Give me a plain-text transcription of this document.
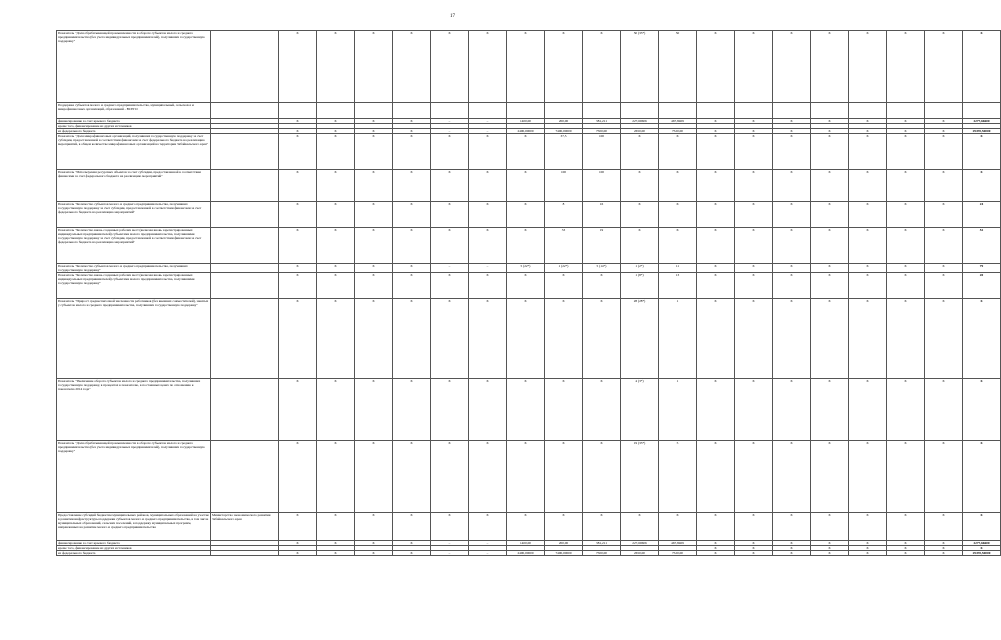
17
Показатель "Доля обрабатывающей промышленности в обороте субъектов малого и среднего предпринимательства (без учета индивидуальных предпринимателей), получивших государственную поддержку"		X	X	X	X	X	X	X	X	X	50 (33*)	50	X	X	X	X	X	X	X	X
Поддержка субъектов малого и среднего предпринимательства, муниципальный, сельскохоз и микрофинансовых организаций, образований - ВСЕГО																				
финансирование за счет краевого бюджета		X	X	X	X	–	–	1400,00	200,00	381,211	227,60606	467,8409	X	X	X	X	X	X	X	2277,66600
кроме того, финансирование из других источников																				
из федерального бюджета		X	X	X	X	–	–	2400,00000	7400,00000	7500,00	2650,00	7520,00	X	X	X	X	X	X	X	29470,50000
Показатель "Доля микрофинансовых организаций, получивших государственную поддержку за счет субсидии, предоставленной в соответствии финансами за счет федерального бюджета на реализацию мероприятий, в общем количестве микрофинансовых организаций на территории Забайкальского края"		X	X	X	X	X	X	X	37,5	100	X	X	X	X	X	X	X	X	X	X
Показатель "Используемая ресурсных объектов за счет субсидии, предоставленной в соответствии финансами за счет федерального бюджета на реализацию мероприятий"		X	X	X	X	X	X	X	100	100	X	X	X	X	X	X	X	X	X	X
Показатель "Количество субъектов малого и среднего предпринимательства, получивших государственную поддержку за счет субсидии, предоставленной в соответствии финансами за счет федерального бюджета на реализацию мероприятий"		X	X	X	X	X	X	X	8	16	X	X	X	X	X	X	X	X	X	24
Показатель "Количество вновь созданных рабочих мест (включая вновь зарегистрированных индивидуальных предпринимателей) субъектами малого предпринимательства, получившими государственную поддержку за счет субсидии, предоставленной в соответствии финансами за счет федерального бюджета на реализацию мероприятий"		X	X	X	X	X	X	X	33	19	X	X	X	X	X	X	X	X	X	52
Показатель "Количество субъектов малого и среднего предпринимательства, получивших государственную поддержку"		X	X	X	X	–	–	5 (22*)	1 (22*)	5 (14*)	1 (2*)	11	X	X	X	X	X	X	X	79
Показатель "Количество вновь созданных рабочих мест (включая вновь зарегистрированных индивидуальных предпринимателей) субъектами малого предпринимательства, получившими государственную поддержку"		X	X	X	X	X	X	X	X	X	1 (8*)	13	X	X	X	X	X	X	X	20
Показатель "Прирост среднесписочной численности работников (без внешних совместителей), занятых у субъектов малого и среднего предпринимательства, получивших государственную поддержку"		X	X	X	X	X	X	X	X	X	28 (28*)	1	X	X	X	X	X	X	X	X
Показатель "Увеличение оборота субъектов малого и среднего предпринимательства, получивших государственную поддержку, в процентах к показателю, в постоянных ценах по отношению к показателю 2014 года"		X	X	X	X	X	X	X	X	X	4 (3*)	1	X	X	X	X	X	X	X	X
Показатель "Доля обрабатывающей промышленности в обороте субъектов малого и среднего предпринимательства (без учета индивидуальных предпринимателей), получивших государственную поддержку"		X	X	X	X	X	X	X	X	X	19 (33*)	5	X	X	X	X	X	X	X	X
Предоставление субсидий бюджетам муниципальных районов, муниципальных образований на участие в развитии инфраструктуры поддержки субъектов малого и среднего предпринимательства, в том числе муниципальных образований, сельских поселений, в поддержку муниципальных программ, направленных на развитие малого и среднего предпринимательства	Министерство экономического развития Забайкальского края	X	X	X	X	X	X	X	X	X	X	X	X	X	X	X	X	X	X	X
финансирование за счет краевого бюджета		X	X	X	X	–	–	1400,00	200,00	381,211	227,60606	467,8409	X	X	X	X	X	X	X	2277,66600
кроме того, финансирование из других источников													X	X	X	X	X	X	X	X
из федерального бюджета		X	X	X	X	–	–	2400,00000	7400,00000	7500,00	2650,00	7520,00	X	X	X	X	X	X	X	29470,50000
